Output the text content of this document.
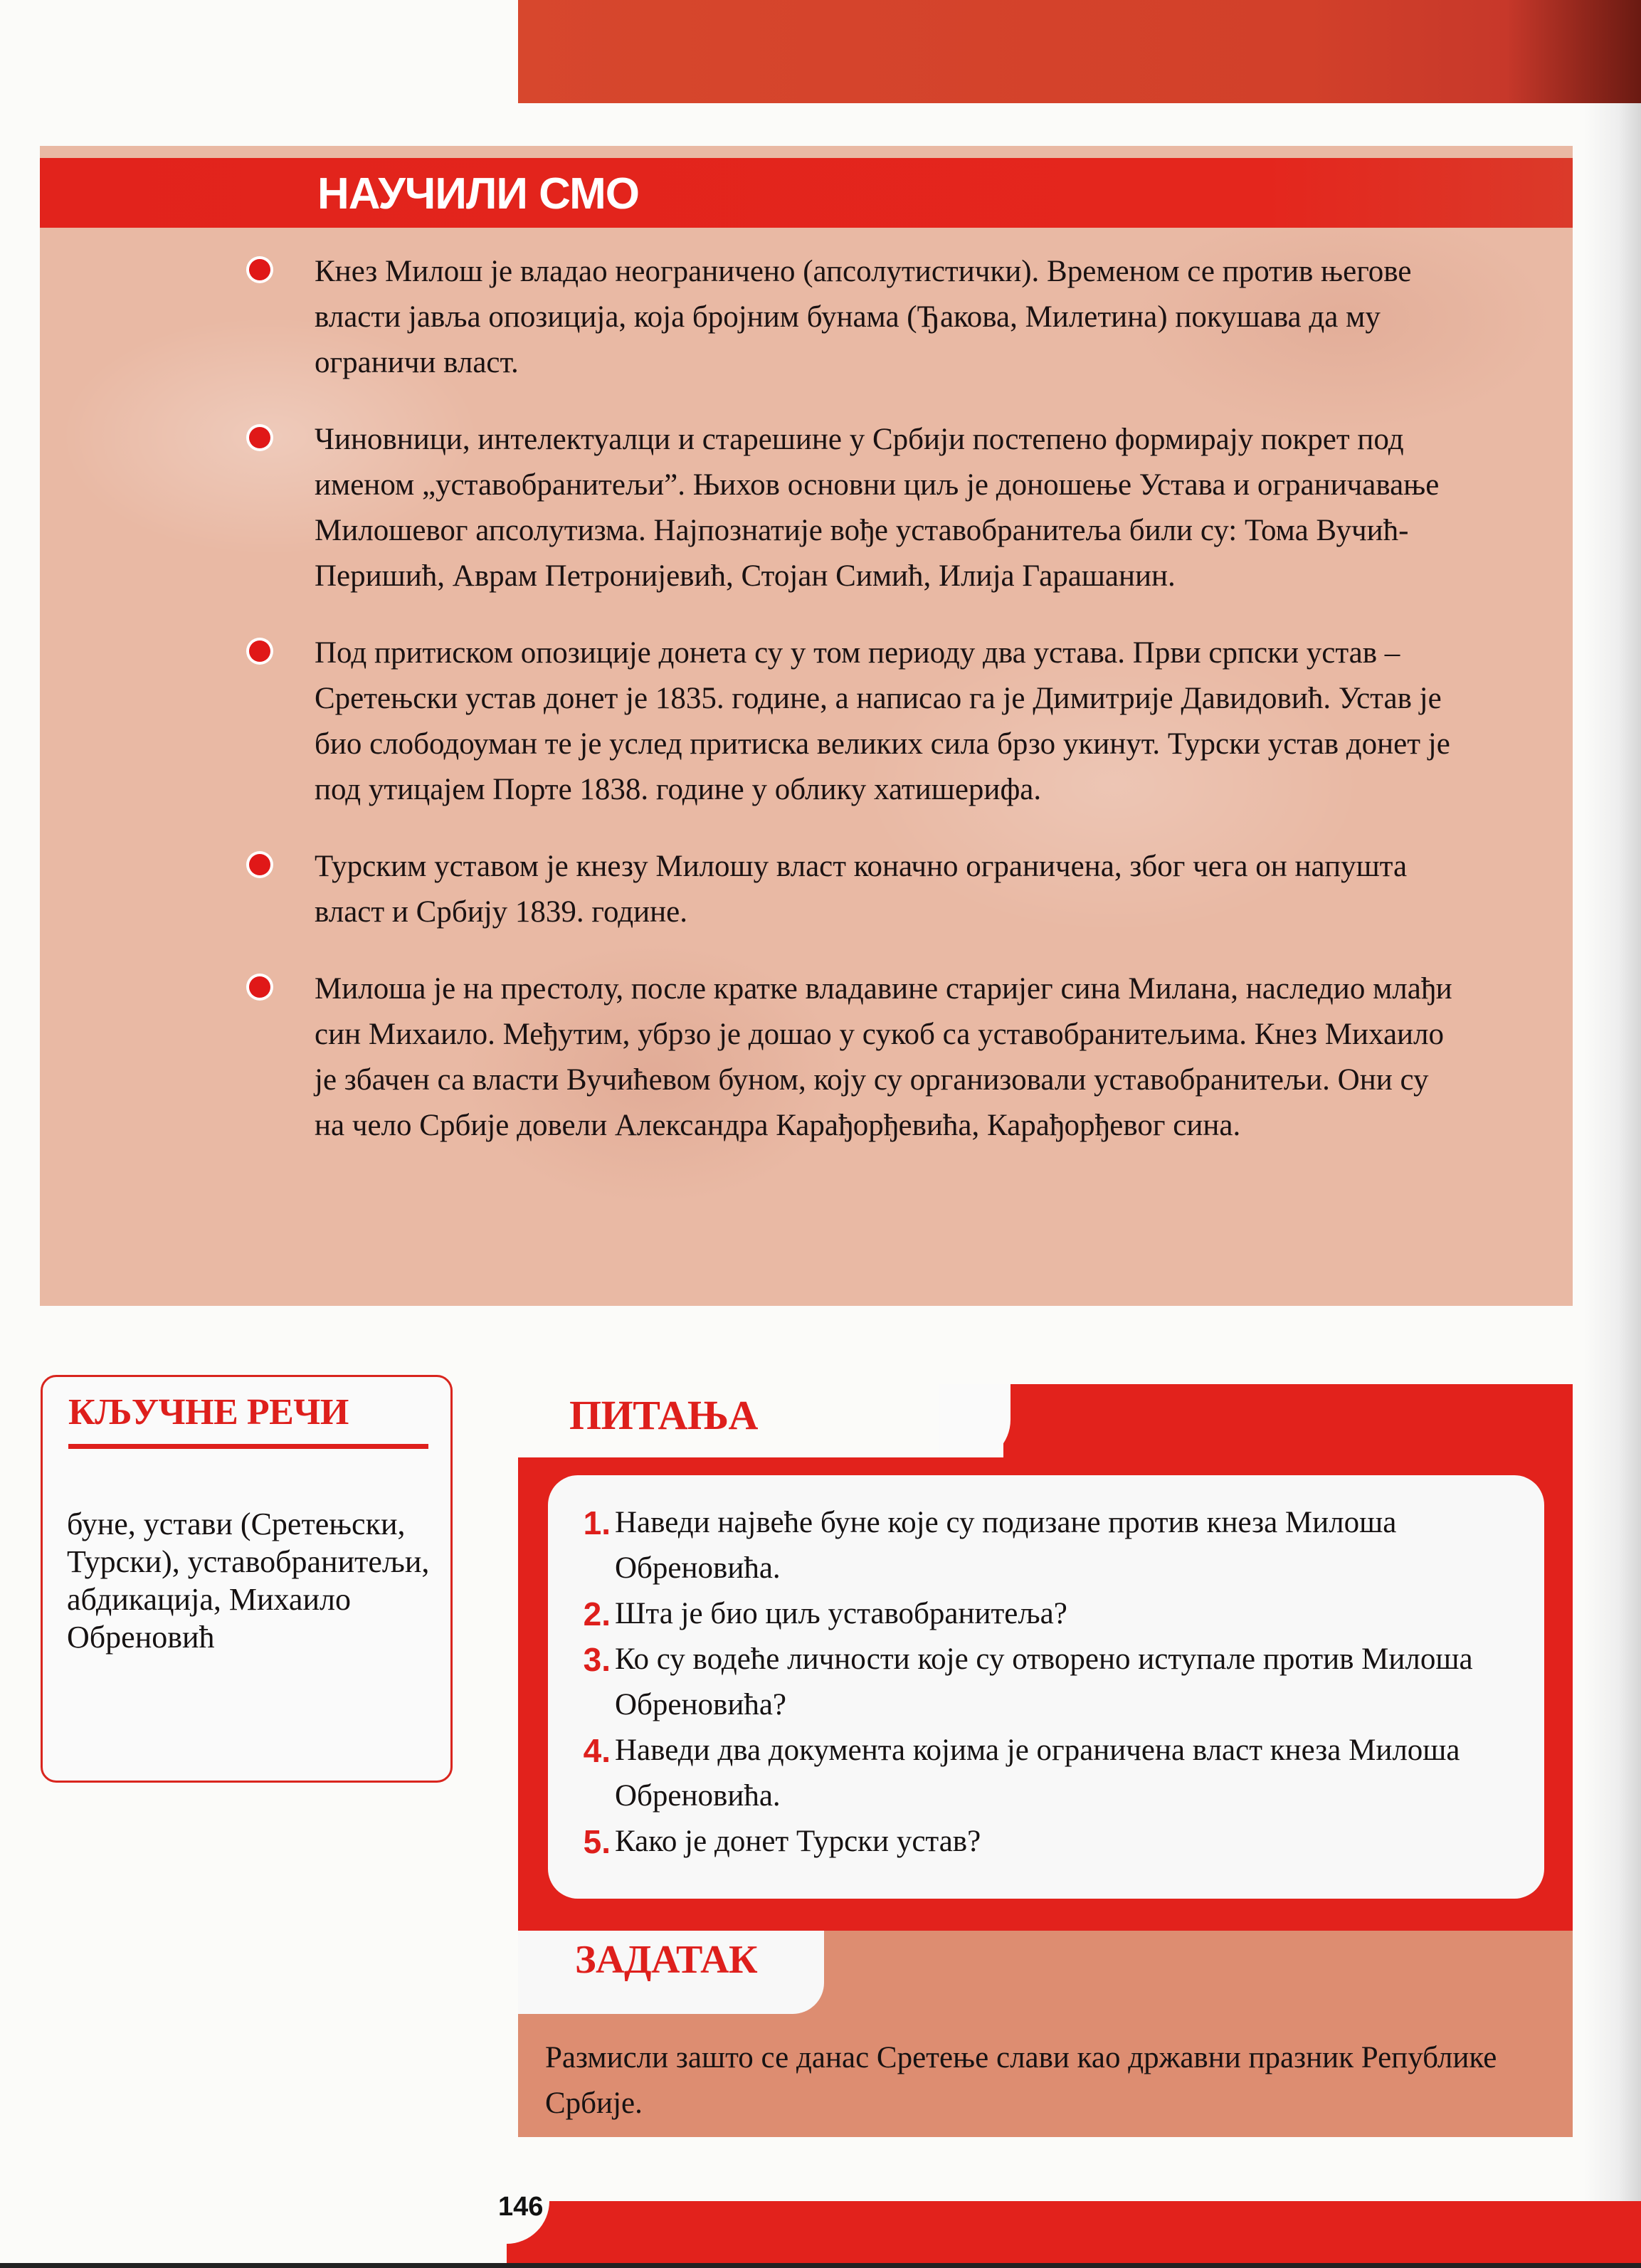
НАУЧИЛИ СМО
Кнез Милош је владао неограничено (апсолутистички). Временом се против његове власти јавља опозиција, која бројним бунама (Ђакова, Милетина) покушава да му ограничи власт.
Чиновници, интелектуалци и старешине у Србији постепено формирају покрет под именом „уставобранитељи”. Њихов основни циљ је доношење Устава и ограничавање Милошевог апсолутизма. Најпознатије вође уставобранитеља били су: Тома Вучић-Перишић, Аврам Петронијевић, Стојан Симић, Илија Гарашанин.
Под притиском опозиције донета су у том периоду два устава. Први српски устав – Сретењски устав донет је 1835. године, а написао га је Димитрије Давидовић. Устав је био слободоуман те је услед притиска великих сила брзо укинут. Турски устав донет је под утицајем Порте 1838. године у облику хатишерифа.
Турским уставом је кнезу Милошу власт коначно ограничена, због чега он напушта власт и Србију 1839. године.
Милоша је на престолу, после кратке владавине старијег сина Милана, наследио млађи син Михаило. Међутим, убрзо је дошао у сукоб са уставобранитељима. Кнез Михаило је збачен са власти Вучићевом буном, коју су организовали уставобранитељи. Они су на чело Србије довели Александра Карађорђевића, Карађорђевог сина.
КЉУЧНЕ РЕЧИ
буне, устави (Сретењски, Турски), уставобранитељи, абдикација, Михаило Обреновић
ПИТАЊА
1. Наведи највеће буне које су подизане против кнеза Милоша Обреновића.
2. Шта је био циљ уставобранитеља?
3. Ко су водеће личности које су отворено иступале против Милоша Обреновића?
4. Наведи два документа којима је ограничена власт кнеза Милоша Обреновића.
5. Како је донет Турски устав?
ЗАДАТАК
Размисли зашто се данас Сретење слави као државни празник Републике Србије.
146
